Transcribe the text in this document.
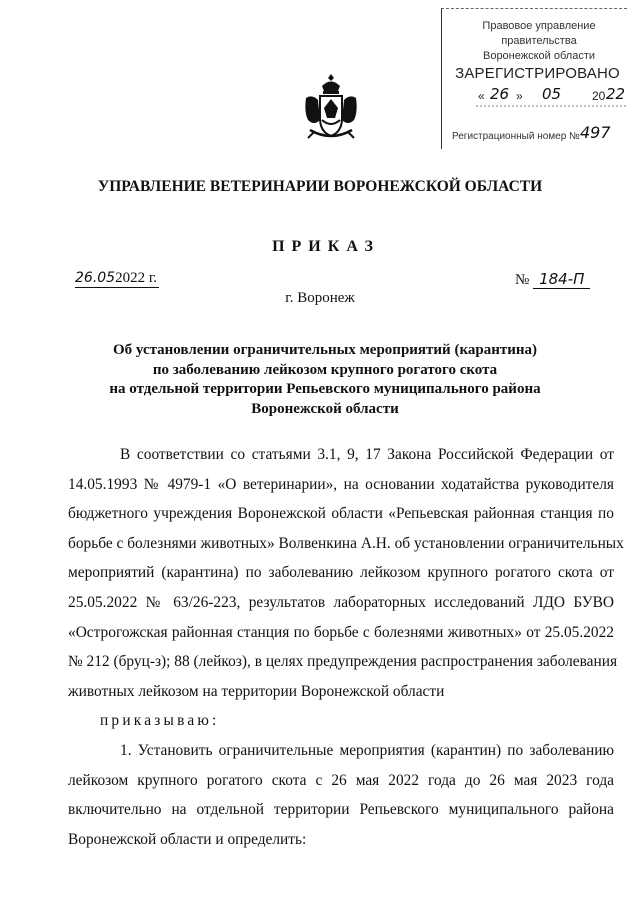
Правовое управление правительства
Воронежской области
ЗАРЕГИСТРИРОВАНО
« 26 » 05	20 22
Регистрационный номер № 497
УПРАВЛЕНИЕ ВЕТЕРИНАРИИ ВОРОНЕЖСКОЙ ОБЛАСТИ
ПРИКАЗ
26.052022 г.	№ 184-П
г. Воронеж
Об установлении ограничительных мероприятий (карантина)
по заболеванию лейкозом крупного рогатого скота
на отдельной территории Репьевского муниципального района
Воронежской области
В соответствии со статьями 3.1, 9, 17 Закона Российской Федерации от
14.05.1993 № 4979-1 «О ветеринарии», на основании ходатайства руководителя
бюджетного учреждения Воронежской области «Репьевская районная станция по
борьбе с болезнями животных» Волвенкина А.Н. об установлении ограничительных
мероприятий (карантина) по заболеванию лейкозом крупного рогатого скота от
25.05.2022 № 63/26-223, результатов лабораторных исследований ЛДО БУВО
«Острогожская районная станция по борьбе с болезнями животных» от 25.05.2022
№ 212 (бруц-з); 88 (лейкоз), в целях предупреждения распространения заболевания
животных лейкозом на территории Воронежской области
приказываю:
1. Установить ограничительные мероприятия (карантин) по заболеванию
лейкозом крупного рогатого скота с 26 мая 2022 года до 26 мая 2023 года
включительно на отдельной территории Репьевского муниципального района
Воронежской области и определить:
